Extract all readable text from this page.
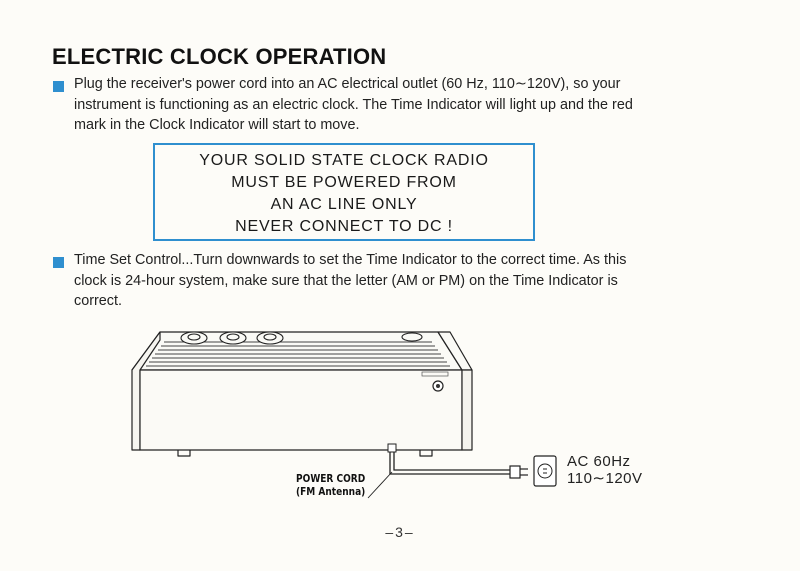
ELECTRIC CLOCK OPERATION
Plug the receiver's power cord into an AC electrical outlet (60 Hz, 110∼120V), so your
instrument is functioning as an electric clock. The Time Indicator will light up and the red
mark in the Clock Indicator will start to move.
YOUR SOLID STATE CLOCK RADIO
MUST BE POWERED FROM
AN AC LINE ONLY
NEVER CONNECT TO DC !
Time Set Control...Turn downwards to set the Time Indicator to the correct time. As this
clock is 24-hour system, make sure that the letter (AM or PM) on the Time Indicator is
correct.
POWER CORD
(FM Antenna)
AC 60Hz
110∼120V
–3–
